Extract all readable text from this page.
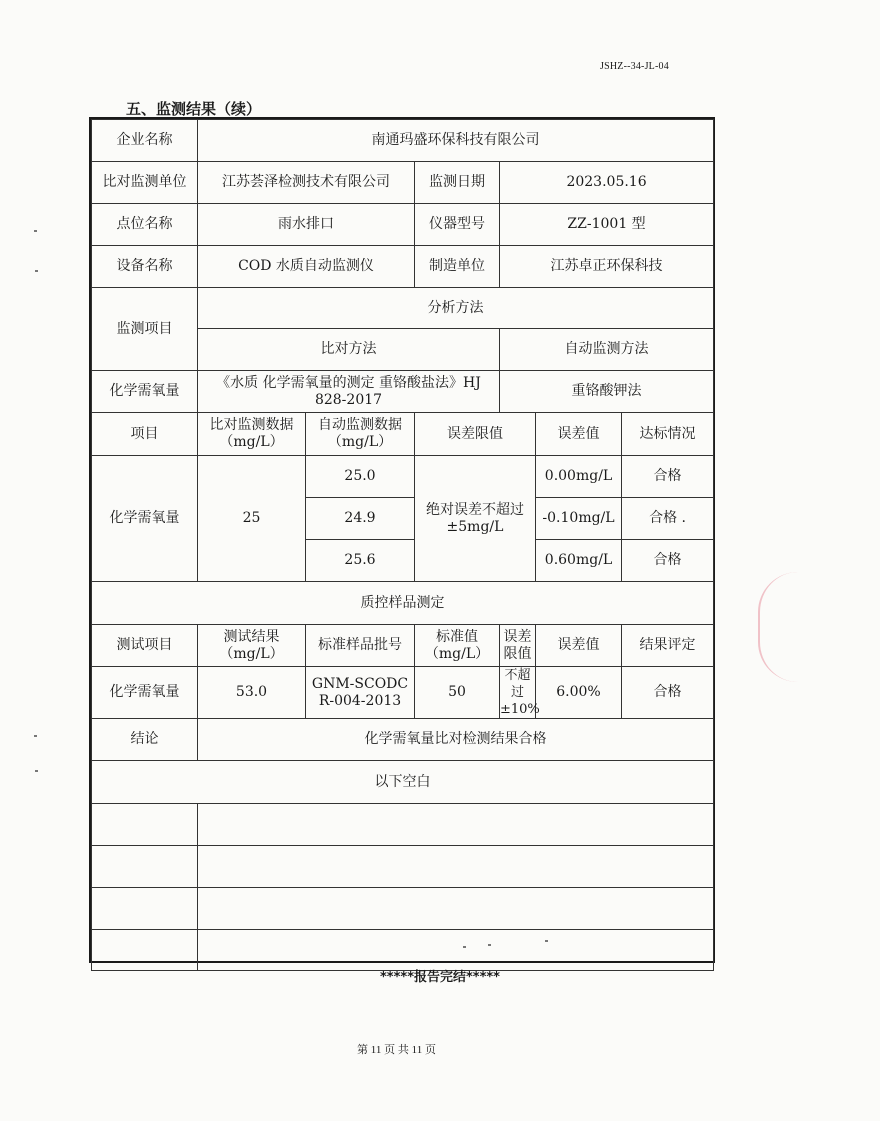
JSHZ--34-JL-04
五、监测结果（续）
企业名称	南通玛盛环保科技有限公司					
比对监测单位	江苏荟泽检测技术有限公司		监测日期	2023.05.16		
点位名称	雨水排口		仪器型号	ZZ-1001 型		
设备名称	COD 水质自动监测仪		制造单位	江苏卓正环保科技		
监测项目	分析方法					
	比对方法			自动监测方法		
化学需氧量	《水质 化学需氧量的测定 重铬酸盐法》HJ 828-2017			重铬酸钾法		
项目	比对监测数据（mg/L）	自动监测数据（mg/L）	误差限值		误差值	达标情况
化学需氧量	25	25.0	绝对误差不超过±5mg/L		0.00mg/L	合格
		24.9			-0.10mg/L	合格 .
		25.6			0.60mg/L	合格
质控样品测定						
测试项目	测试结果（mg/L）	标准样品批号	标准值（mg/L）	误差限值	误差值	结果评定
化学需氧量	53.0	GNM-SCODCR-004-2013	50	不超过±10%	6.00%	合格
结论	化学需氧量比对检测结果合格					
以下空白						

*****报告完结*****
第 11 页 共 11 页
